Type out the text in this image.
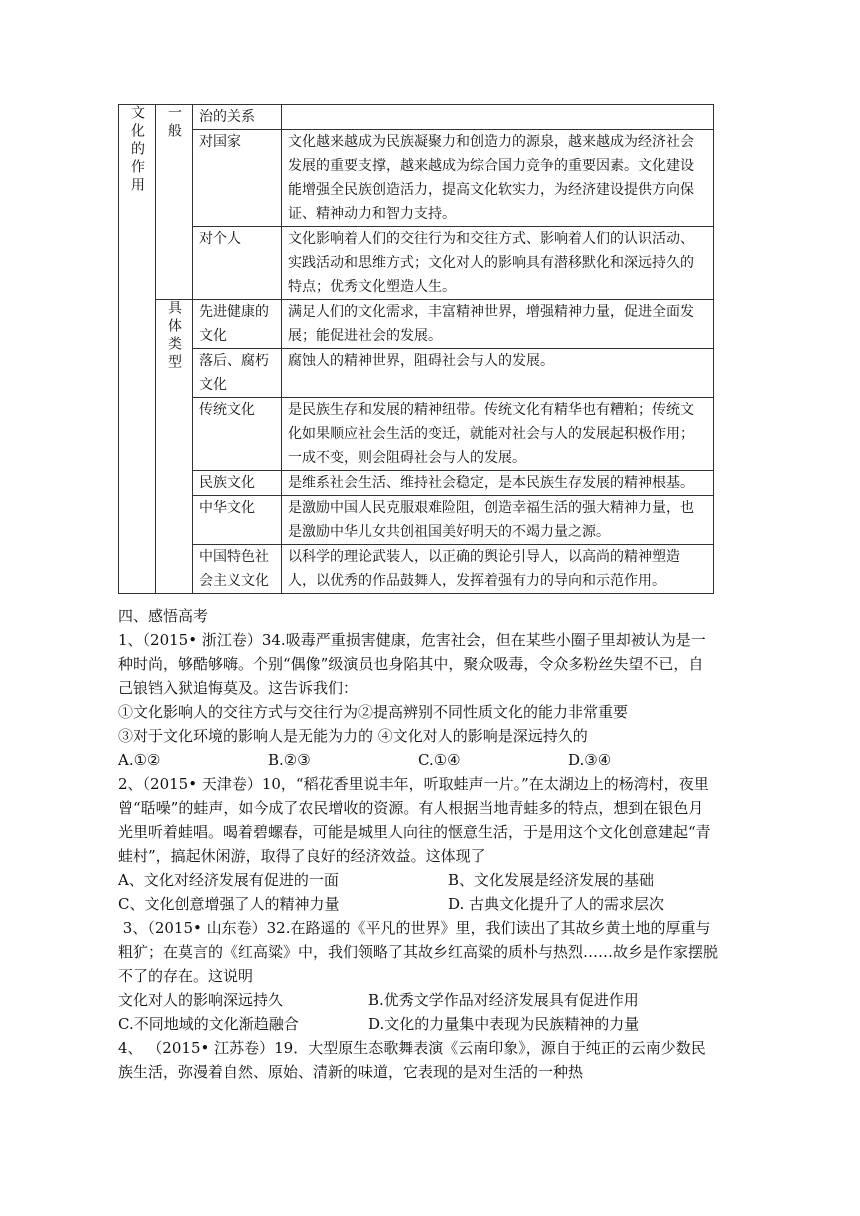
文化的作用	一般	治的关系	
		对国家	文化越来越成为民族凝聚力和创造力的源泉，越来越成为经济社会发展的重要支撑，越来越成为综合国力竞争的重要因素。文化建设能增强全民族创造活力，提高文化软实力，为经济建设提供方向保证、精神动力和智力支持。
		对个人	文化影响着人们的交往行为和交往方式、影响着人们的认识活动、实践活动和思维方式；文化对人的影响具有潜移默化和深远持久的特点；优秀文化塑造人生。
	具体类型	先进健康的文化	满足人们的文化需求，丰富精神世界，增强精神力量，促进全面发展；能促进社会的发展。
		落后、腐朽文化	腐蚀人的精神世界，阻碍社会与人的发展。
		传统文化	是民族生存和发展的精神纽带。传统文化有精华也有糟粕；传统文化如果顺应社会生活的变迁，就能对社会与人的发展起积极作用；一成不变，则会阻碍社会与人的发展。
		民族文化	是维系社会生活、维持社会稳定，是本民族生存发展的精神根基。
		中华文化	是激励中国人民克服艰难险阻，创造幸福生活的强大精神力量，也是激励中华儿女共创祖国美好明天的不竭力量之源。
		中国特色社会主义文化	以科学的理论武装人，以正确的舆论引导人，以高尚的精神塑造人，以优秀的作品鼓舞人，发挥着强有力的导向和示范作用。

四、感悟高考

1、（2015• 浙江卷）34.吸毒严重损害健康，危害社会，但在某些小圈子里却被认为是一种时尚，够酷够嗨。个别“偶像”级演员也身陷其中，聚众吸毒，令众多粉丝失望不已，自己锒铛入狱追悔莫及。这告诉我们：

①文化影响人的交往方式与交往行为②提高辨别不同性质文化的能力非常重要

③对于文化环境的影响人是无能为力的 ④文化对人的影响是深远持久的

A.①②	B.②③	C.①④	D.③④

2、（2015• 天津卷）10，“稻花香里说丰年，听取蛙声一片。”在太湖边上的杨湾村，夜里曾“聒噪”的蛙声，如今成了农民增收的资源。有人根据当地青蛙多的特点，想到在银色月光里听着蛙唱。喝着碧螺春，可能是城里人向往的惬意生活，于是用这个文化创意建起“青蛙村”，搞起休闲游，取得了良好的经济效益。这体现了

A、文化对经济发展有促进的一面	B、文化发展是经济发展的基础
C、文化创意增强了人的精神力量	D. 古典文化提升了人的需求层次

3、（2015• 山东卷）32.在路遥的《平凡的世界》里，我们读出了其故乡黄土地的厚重与粗犷；在莫言的《红高粱》中，我们领略了其故乡红高粱的质朴与热烈……故乡是作家摆脱不了的存在。这说明

文化对人的影响深远持久	B.优秀文学作品对经济发展具有促进作用
C.不同地域的文化渐趋融合	D.文化的力量集中表现为民族精神的力量

4、 （2015• 江苏卷）19．大型原生态歌舞表演《云南印象》，源自于纯正的云南少数民族生活，弥漫着自然、原始、清新的味道，它表现的是对生活的一种热
